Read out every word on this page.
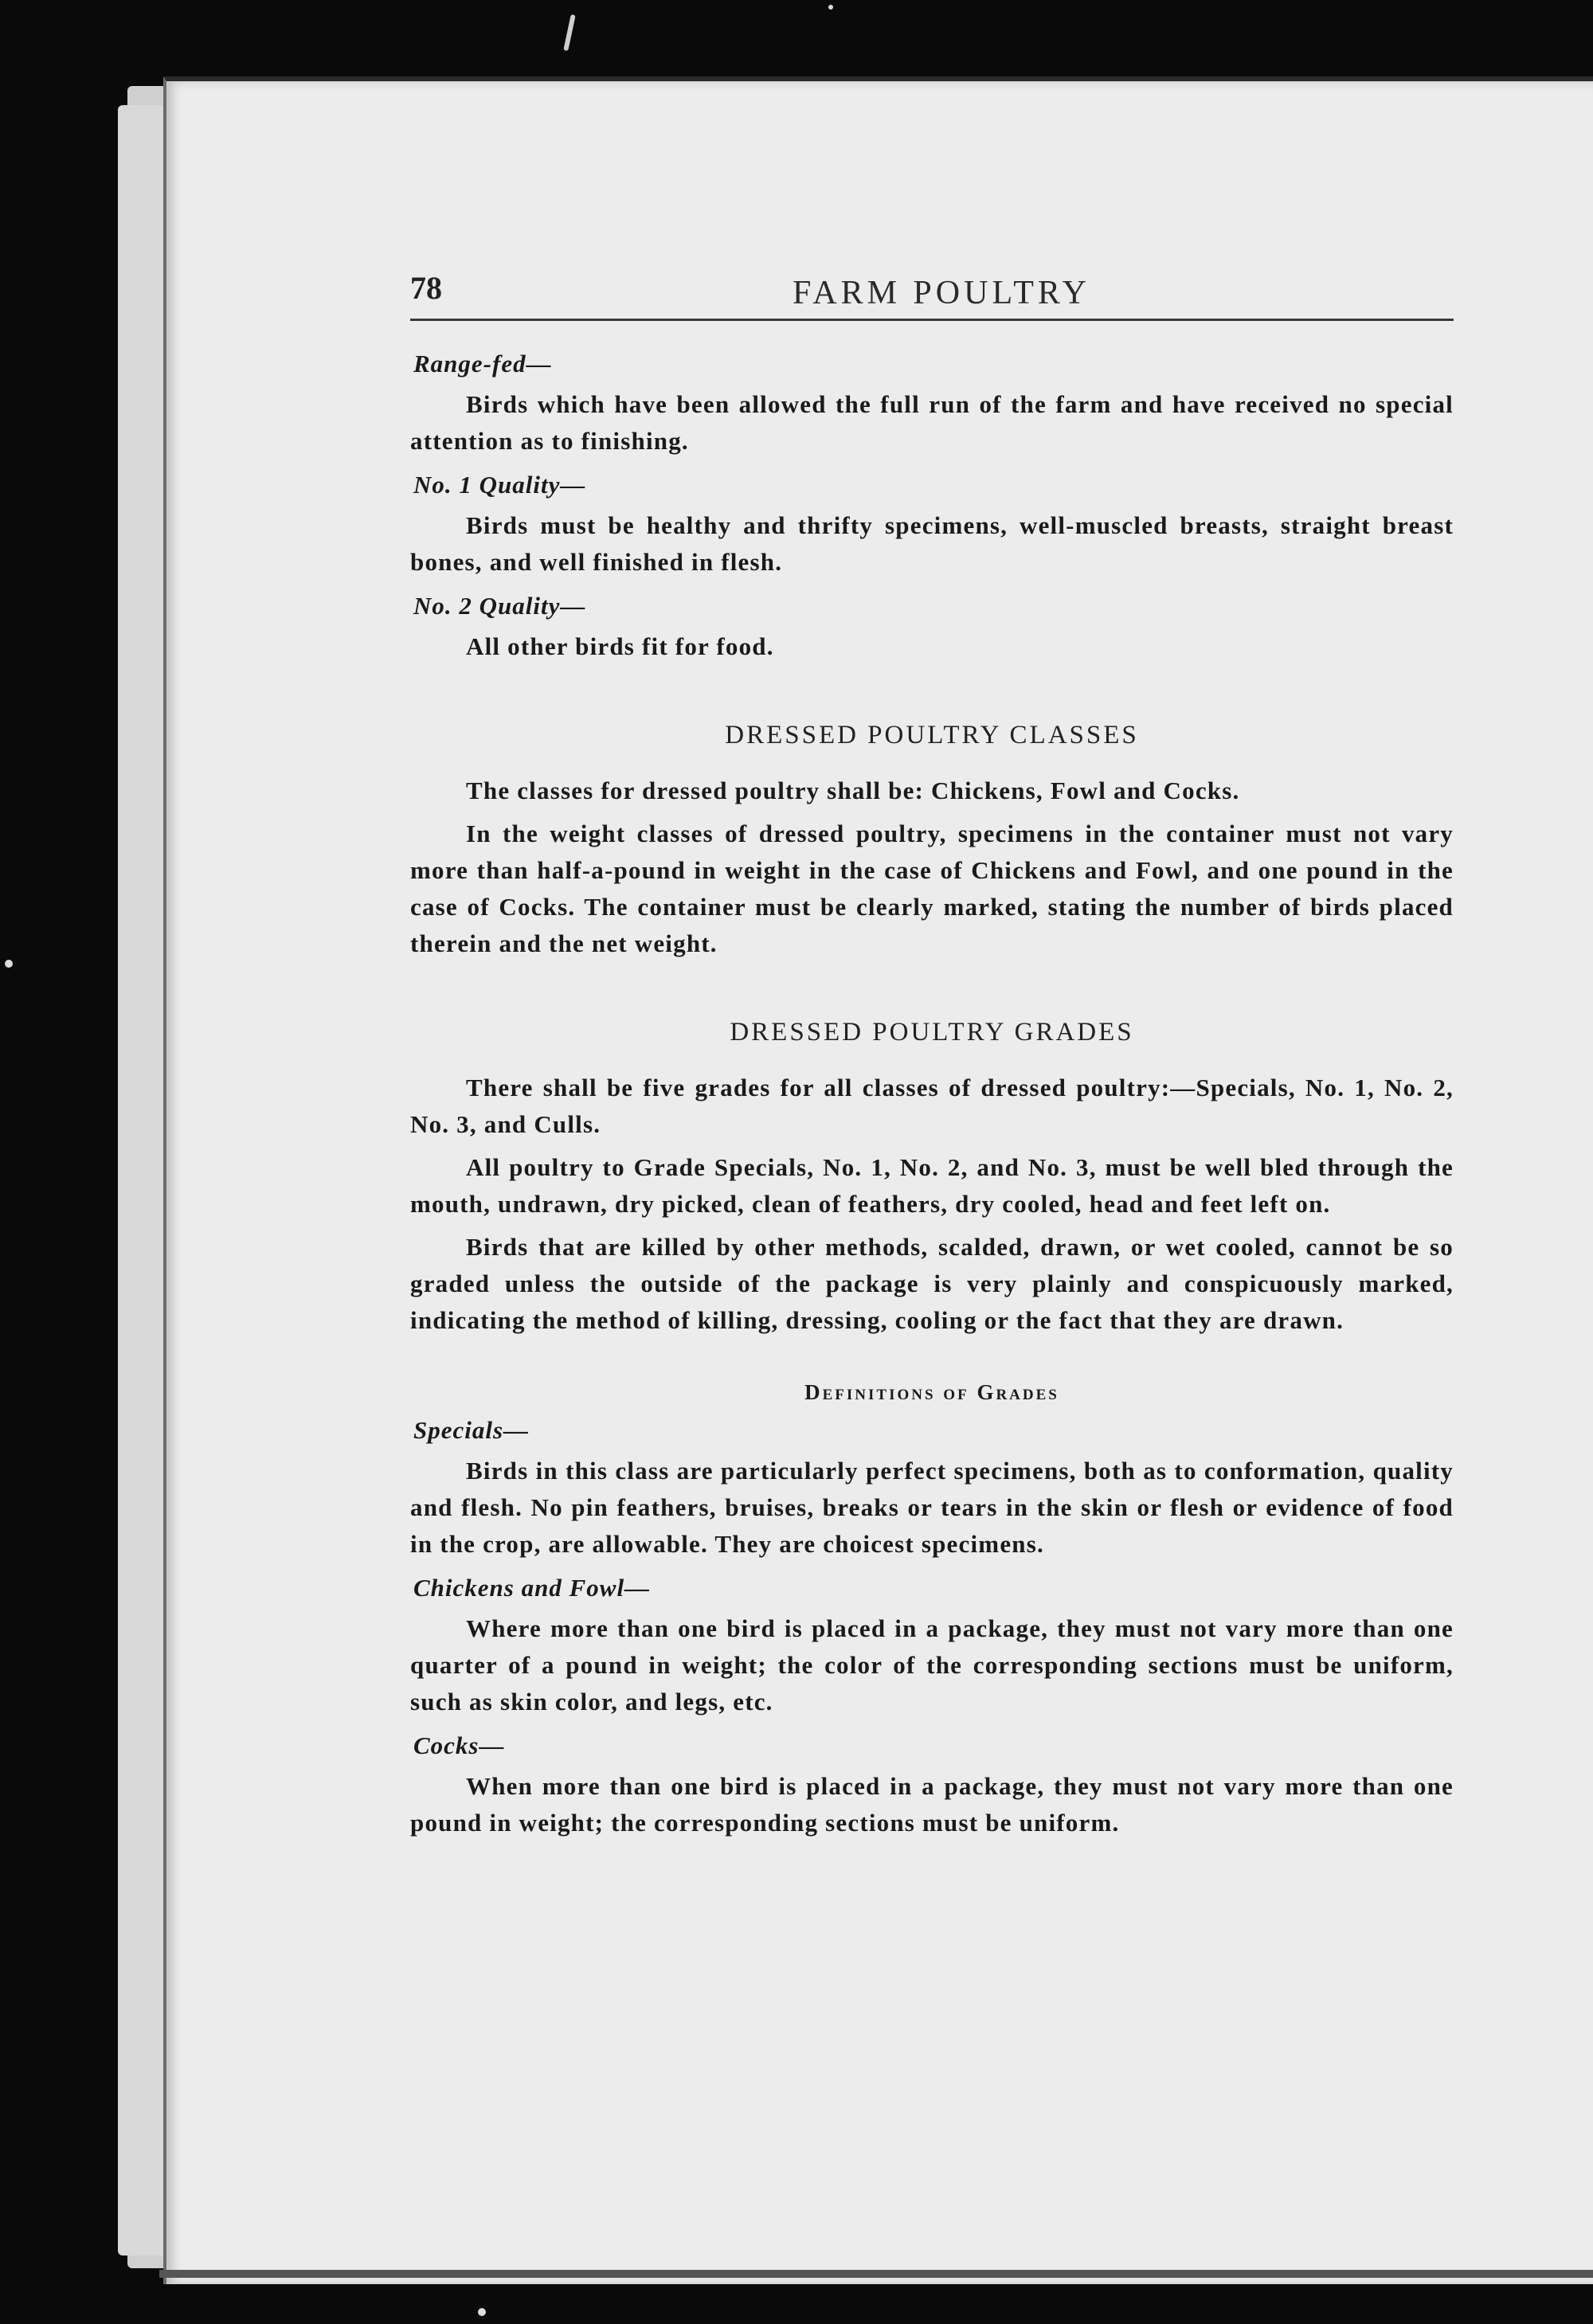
78	FARM POULTRY
Range-fed—

Birds which have been allowed the full run of the farm and have received no special attention as to finishing.

No. 1 Quality—

Birds must be healthy and thrifty specimens, well-muscled breasts, straight breast bones, and well finished in flesh.

No. 2 Quality—

All other birds fit for food.

DRESSED POULTRY CLASSES

The classes for dressed poultry shall be: Chickens, Fowl and Cocks.

In the weight classes of dressed poultry, specimens in the container must not vary more than half-a-pound in weight in the case of Chickens and Fowl, and one pound in the case of Cocks. The container must be clearly marked, stating the number of birds placed therein and the net weight.

DRESSED POULTRY GRADES

There shall be five grades for all classes of dressed poultry:—Specials, No. 1, No. 2, No. 3, and Culls.

All poultry to Grade Specials, No. 1, No. 2, and No. 3, must be well bled through the mouth, undrawn, dry picked, clean of feathers, dry cooled, head and feet left on.

Birds that are killed by other methods, scalded, drawn, or wet cooled, cannot be so graded unless the outside of the package is very plainly and conspicuously marked, indicating the method of killing, dressing, cooling or the fact that they are drawn.

Definitions of Grades
Specials—

Birds in this class are particularly perfect specimens, both as to conformation, quality and flesh. No pin feathers, bruises, breaks or tears in the skin or flesh or evidence of food in the crop, are allowable. They are choicest specimens.

Chickens and Fowl—

Where more than one bird is placed in a package, they must not vary more than one quarter of a pound in weight; the color of the corresponding sections must be uniform, such as skin color, and legs, etc.

Cocks—

When more than one bird is placed in a package, they must not vary more than one pound in weight; the corresponding sections must be uniform.
